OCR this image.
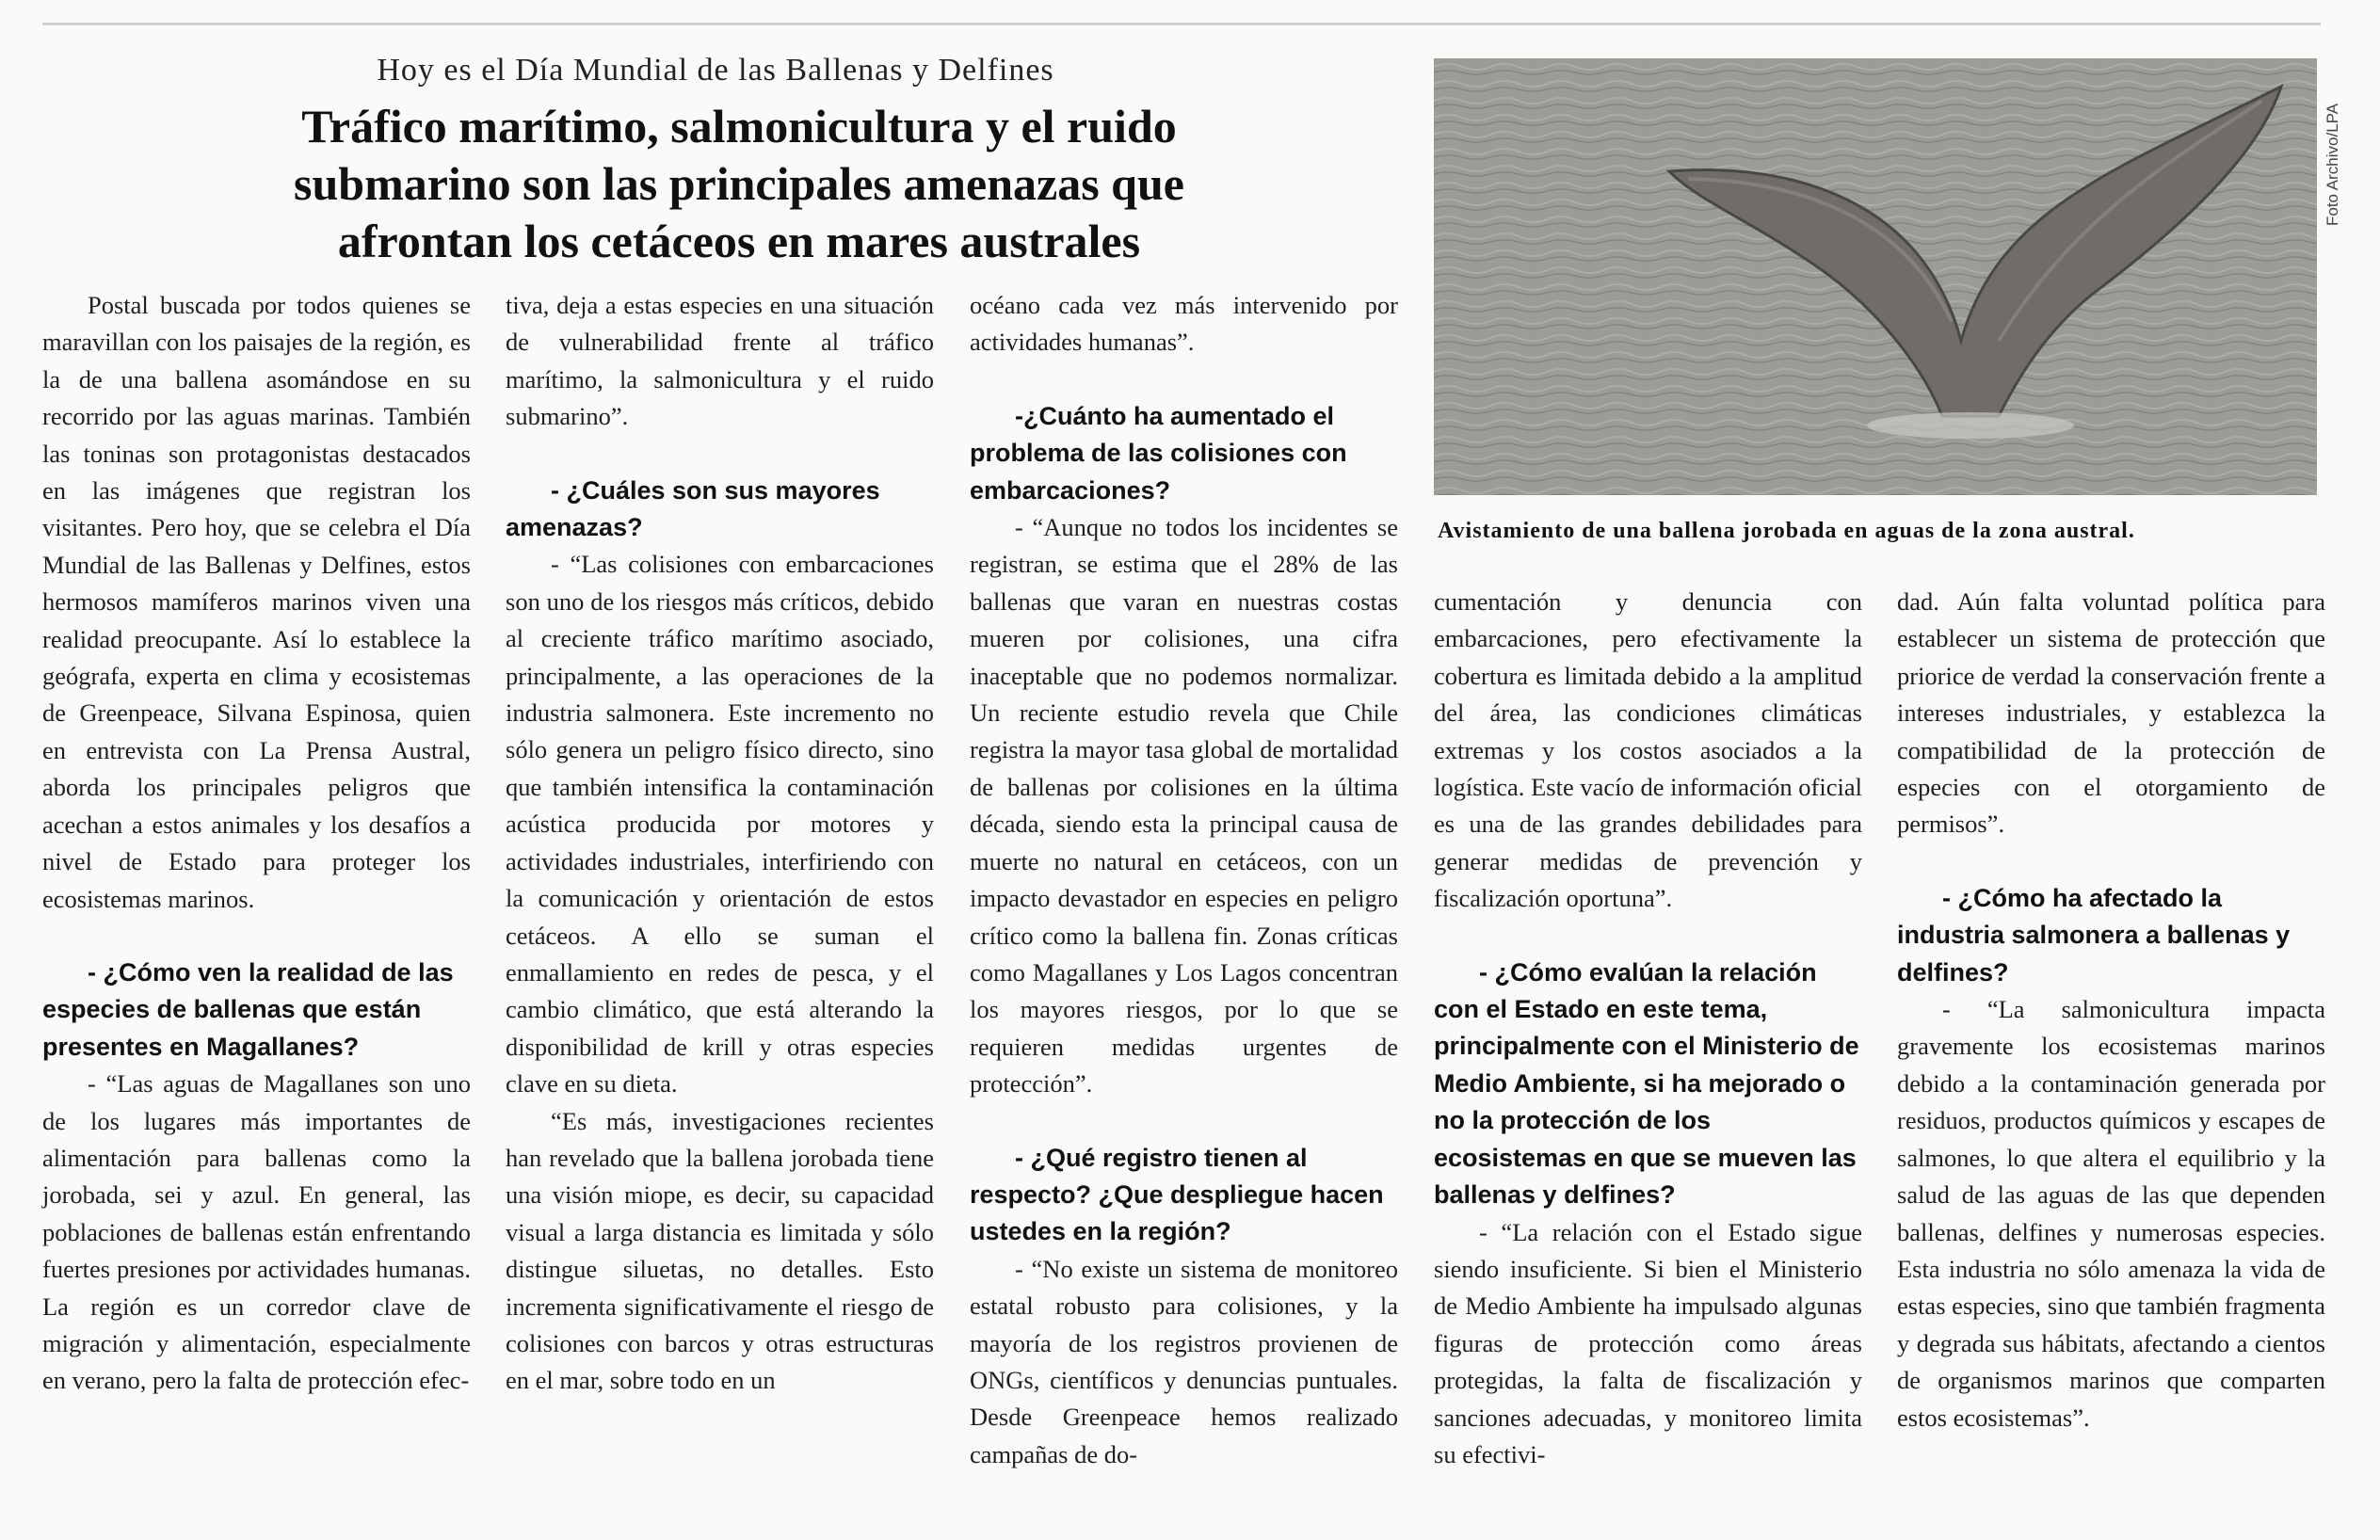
Hoy es el Día Mundial de las Ballenas y Delfines
Tráfico marítimo, salmonicultura y el ruido submarino son las principales amenazas que afrontan los cetáceos en mares australes
Foto Archivo/LPA
Avistamiento de una ballena jorobada en aguas de la zona austral.

Postal buscada por todos quienes se maravillan con los paisajes de la región, es la de una ballena asomándose en su recorrido por las aguas marinas. También las toninas son protagonistas destacados en las imágenes que registran los visitantes. Pero hoy, que se celebra el Día Mundial de las Ballenas y Delfines, estos hermosos mamíferos marinos viven una realidad preocupante. Así lo establece la geógrafa, experta en clima y ecosistemas de Greenpeace, Silvana Espinosa, quien en entrevista con La Prensa Austral, aborda los principales peligros que acechan a estos animales y los desafíos a nivel de Estado para proteger los ecosistemas marinos.

- ¿Cómo ven la realidad de las especies de ballenas que están presentes en Magallanes?

- “Las aguas de Magallanes son uno de los lugares más importantes de alimentación para ballenas como la jorobada, sei y azul. En general, las poblaciones de ballenas están enfrentando fuertes presiones por actividades humanas. La región es un corredor clave de migración y alimentación, especialmente en verano, pero la falta de protección efec-

tiva, deja a estas especies en una situación de vulnerabilidad frente al tráfico marítimo, la salmonicultura y el ruido submarino”.

- ¿Cuáles son sus mayores amenazas?

- “Las colisiones con embarcaciones son uno de los riesgos más críticos, debido al creciente tráfico marítimo asociado, principalmente, a las operaciones de la industria salmonera. Este incremento no sólo genera un peligro físico directo, sino que también intensifica la contaminación acústica producida por motores y actividades industriales, interfiriendo con la comunicación y orientación de estos cetáceos. A ello se suman el enmallamiento en redes de pesca, y el cambio climático, que está alterando la disponibilidad de krill y otras especies clave en su dieta.

“Es más, investigaciones recientes han revelado que la ballena jorobada tiene una visión miope, es decir, su capacidad visual a larga distancia es limitada y sólo distingue siluetas, no detalles. Esto incrementa significativamente el riesgo de colisiones con barcos y otras estructuras en el mar, sobre todo en un

océano cada vez más intervenido por actividades humanas”.

-¿Cuánto ha aumentado el problema de las colisiones con embarcaciones?

- “Aunque no todos los incidentes se registran, se estima que el 28% de las ballenas que varan en nuestras costas mueren por colisiones, una cifra inaceptable que no podemos normalizar. Un reciente estudio revela que Chile registra la mayor tasa global de mortalidad de ballenas por colisiones en la última década, siendo esta la principal causa de muerte no natural en cetáceos, con un impacto devastador en especies en peligro crítico como la ballena fin. Zonas críticas como Magallanes y Los Lagos concentran los mayores riesgos, por lo que se requieren medidas urgentes de protección”.

- ¿Qué registro tienen al respecto? ¿Que despliegue hacen ustedes en la región?

- “No existe un sistema de monitoreo estatal robusto para colisiones, y la mayoría de los registros provienen de ONGs, científicos y denuncias puntuales. Desde Greenpeace hemos realizado campañas de do-

cumentación y denuncia con embarcaciones, pero efectivamente la cobertura es limitada debido a la amplitud del área, las condiciones climáticas extremas y los costos asociados a la logística. Este vacío de información oficial es una de las grandes debilidades para generar medidas de prevención y fiscalización oportuna”.

- ¿Cómo evalúan la relación con el Estado en este tema, principalmente con el Ministerio de Medio Ambiente, si ha mejorado o no la protección de los ecosistemas en que se mueven las ballenas y delfines?

- “La relación con el Estado sigue siendo insuficiente. Si bien el Ministerio de Medio Ambiente ha impulsado algunas figuras de protección como áreas protegidas, la falta de fiscalización y sanciones adecuadas, y monitoreo limita su efectivi-

dad. Aún falta voluntad política para establecer un sistema de protección que priorice de verdad la conservación frente a intereses industriales, y establezca la compatibilidad de la protección de especies con el otorgamiento de permisos”.

- ¿Cómo ha afectado la industria salmonera a ballenas y delfines?

- “La salmonicultura impacta gravemente los ecosistemas marinos debido a la contaminación generada por residuos, productos químicos y escapes de salmones, lo que altera el equilibrio y la salud de las aguas de las que dependen ballenas, delfines y numerosas especies. Esta industria no sólo amenaza la vida de estas especies, sino que también fragmenta y degrada sus hábitats, afectando a cientos de organismos marinos que comparten estos ecosistemas”.
